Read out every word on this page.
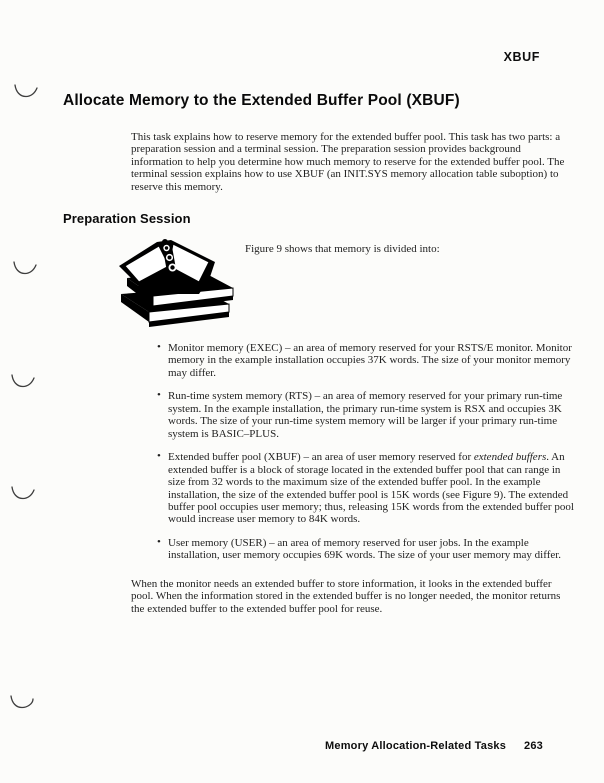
XBUF
Allocate Memory to the Extended Buffer Pool (XBUF)

This task explains how to reserve memory for the extended buffer pool. This task has two parts: a preparation session and a terminal session. The preparation session provides background information to help you determine how much memory to reserve for the extended buffer pool. The terminal session explains how to use XBUF (an INIT.SYS memory allocation table suboption) to reserve this memory.

Preparation Session

Figure 9 shows that memory is divided into:

• Monitor memory (EXEC) – an area of memory reserved for your RSTS/E monitor. Monitor memory in the example installation occupies 37K words. The size of your monitor memory may differ.
• Run-time system memory (RTS) – an area of memory reserved for your primary run-time system. In the example installation, the primary run-time system is RSX and occupies 3K words. The size of your run-time system memory will be larger if your primary run-time system is BASIC–PLUS.
• Extended buffer pool (XBUF) – an area of user memory reserved for extended buffers. An extended buffer is a block of storage located in the extended buffer pool that can range in size from 32 words to the maximum size of the extended buffer pool. In the example installation, the size of the extended buffer pool is 15K words (see Figure 9). The extended buffer pool occupies user memory; thus, releasing 15K words from the extended buffer pool would increase user memory to 84K words.
• User memory (USER) – an area of memory reserved for user jobs. In the example installation, user memory occupies 69K words. The size of your user memory may differ.

When the monitor needs an extended buffer to store information, it looks in the extended buffer pool. When the information stored in the extended buffer is no longer needed, the monitor returns the extended buffer to the extended buffer pool for reuse.

Memory Allocation-Related Tasks 263
